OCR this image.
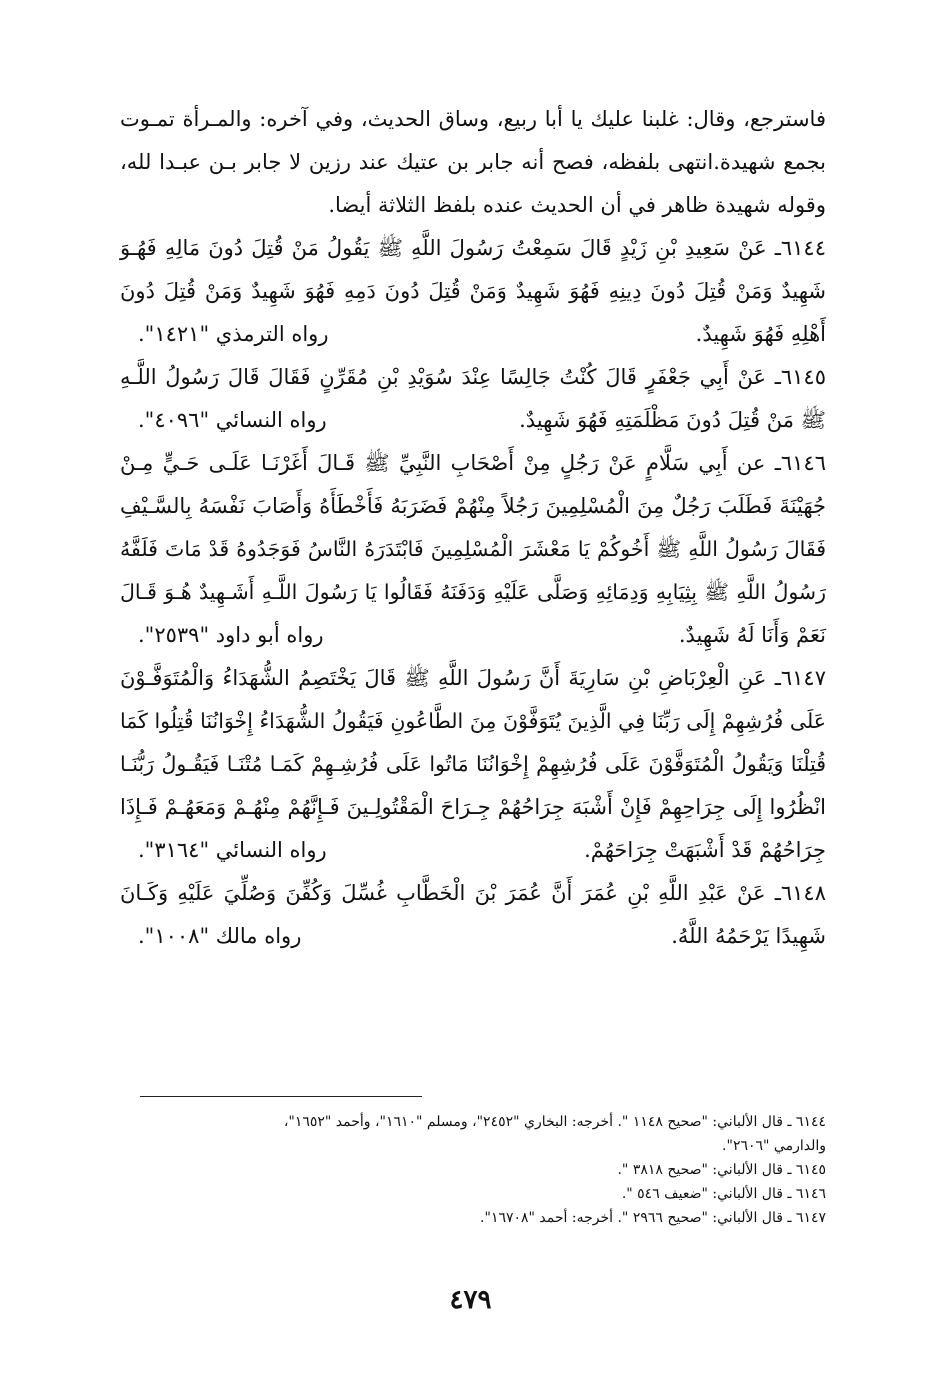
فاسترجع، وقال: غلبنا عليك يا أبا ربيع، وساق الحديث، وفي آخره: والمـرأة تمـوت
بجمع شهيدة.انتهى بلفظه، فصح أنه جابر بن عتيك عند رزين لا جابر بـن عبـدا لله،
وقوله شهيدة ظاهر في أن الحديث عنده بلفظ الثلاثة أيضا.
٦١٤٤ـ عَنْ سَعِيدِ بْنِ زَيْدٍ قَالَ سَمِعْتُ رَسُولَ اللَّهِ ﷺ يَقُولُ مَنْ قُتِلَ دُونَ مَالِهِ فَهُـوَ
شَهِيدٌ وَمَنْ قُتِلَ دُونَ دِينِهِ فَهُوَ شَهِيدٌ وَمَنْ قُتِلَ دُونَ دَمِهِ فَهُوَ شَهِيدٌ وَمَنْ قُتِلَ دُونَ
أَهْلِهِ فَهُوَ شَهِيدٌ.
رواه الترمذي "١٤٢١".
٦١٤٥ـ عَنْ أَبِي جَعْفَرٍ قَالَ كُنْتُ جَالِسًا عِنْدَ سُوَيْدِ بْنِ مُقَرِّنٍ فَقَالَ قَالَ رَسُولُ اللَّـهِ
ﷺ مَنْ قُتِلَ دُونَ مَظْلَمَتِهِ فَهُوَ شَهِيدٌ.
رواه النسائي "٤٠٩٦".
٦١٤٦ـ عن أَبِي سَلَّامٍ عَنْ رَجُلٍ مِنْ أَصْحَابِ النَّبِيِّ ﷺ قَـالَ أَغَرْنَـا عَلَـى حَـيٍّ مِـنْ
جُهَيْنَةَ فَطَلَبَ رَجُلٌ مِنَ الْمُسْلِمِينَ رَجُلاً مِنْهُمْ فَضَرَبَهُ فَأَخْطَأَهُ وَأَصَابَ نَفْسَهُ بِالسَّـيْفِ
فَقَالَ رَسُولُ اللَّهِ ﷺ أَخُوكُمْ يَا مَعْشَرَ الْمُسْلِمِينَ فَابْتَدَرَهُ النَّاسُ فَوَجَدُوهُ قَدْ مَاتَ فَلَفَّهُ
رَسُولُ اللَّهِ ﷺ بِثِيَابِهِ وَدِمَائِهِ وَصَلَّى عَلَيْهِ وَدَفَنَهُ فَقَالُوا يَا رَسُولَ اللَّـهِ أَشَـهِيدٌ هُـوَ قَـالَ
نَعَمْ وَأَنَا لَهُ شَهِيدٌ.
رواه أبو داود "٢٥٣٩".
٦١٤٧ـ عَنِ الْعِرْبَاضِ بْنِ سَارِيَةَ أَنَّ رَسُولَ اللَّهِ ﷺ قَالَ يَخْتَصِمُ الشُّهَدَاءُ وَالْمُتَوَفَّـوْنَ
عَلَى فُرُشِهِمْ إِلَى رَبِّنَا فِي الَّذِينَ يُتَوَفَّوْنَ مِنَ الطَّاعُونِ فَيَقُولُ الشُّهَدَاءُ إِخْوَانُنَا قُتِلُوا كَمَا
قُتِلْنَا وَيَقُولُ الْمُتَوَفَّوْنَ عَلَى فُرُشِهِمْ إِخْوَانُنَا مَاتُوا عَلَى فُرُشِـهِمْ كَمَـا مُتْنَـا فَيَقُـولُ رَبُّنَـا
انْظُرُوا إِلَى جِرَاحِهِمْ فَإِنْ أَشْبَهَ جِرَاحُهُمْ جِـرَاحَ الْمَقْتُولِـينَ فَـإِنَّهُمْ مِنْهُـمْ وَمَعَهُـمْ فَـإِذَا
جِرَاحُهُمْ قَدْ أَشْبَهَتْ جِرَاحَهُمْ.
رواه النسائي "٣١٦٤".
٦١٤٨ـ عَنْ عَبْدِ اللَّهِ بْنِ عُمَرَ أَنَّ عُمَرَ بْنَ الْخَطَّابِ غُسِّلَ وَكُفِّنَ وَصُلِّيَ عَلَيْهِ وَكَـانَ
شَهِيدًا يَرْحَمُهُ اللَّهُ.
رواه مالك "١٠٠٨".
٦١٤٤ ـ قال الألباني: "صحيح ١١٤٨ ". أخرجه: البخاري "٢٤٥٢"، ومسلم "١٦١٠"، وأحمد "١٦٥٢"،
والدارمي "٢٦٠٦".
٦١٤٥ ـ قال الألباني: "صحيح ٣٨١٨ ".
٦١٤٦ ـ قال الألباني: "ضعيف ٥٤٦ ".
٦١٤٧ ـ قال الألباني: "صحيح ٢٩٦٦ ". أخرجه: أحمد "١٦٧٠٨".
٤٧٩
